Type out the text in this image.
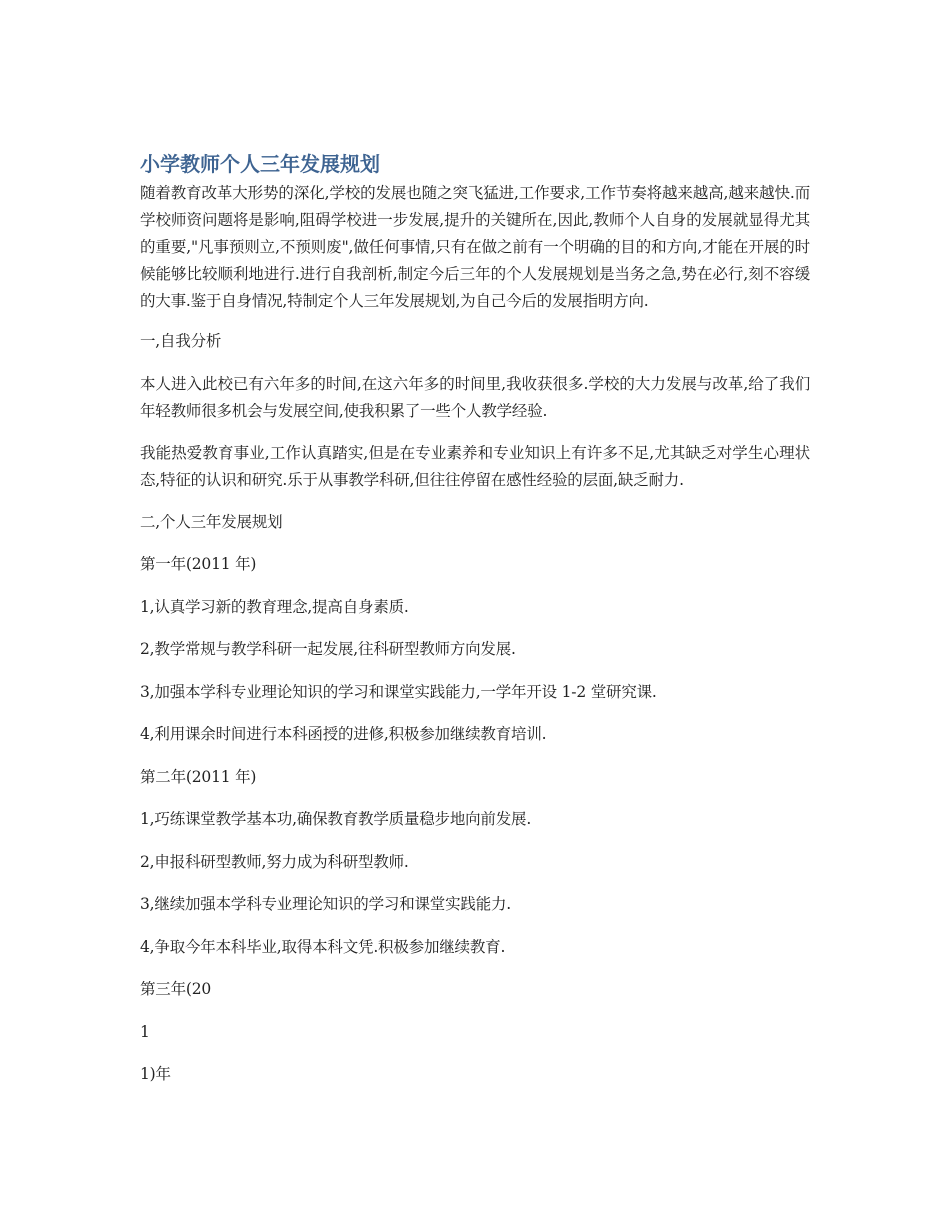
小学教师个人三年发展规划

随着教育改革大形势的深化,学校的发展也随之突飞猛进,工作要求,工作节奏将越来越高,越来越快.而学校师资问题将是影响,阻碍学校进一步发展,提升的关键所在,因此,教师个人自身的发展就显得尤其的重要,"凡事预则立,不预则废",做任何事情,只有在做之前有一个明确的目的和方向,才能在开展的时候能够比较顺利地进行.进行自我剖析,制定今后三年的个人发展规划是当务之急,势在必行,刻不容缓的大事.鉴于自身情况,特制定个人三年发展规划,为自己今后的发展指明方向.

一,自我分析

本人进入此校已有六年多的时间,在这六年多的时间里,我收获很多.学校的大力发展与改革,给了我们年轻教师很多机会与发展空间,使我积累了一些个人教学经验.

我能热爱教育事业,工作认真踏实,但是在专业素养和专业知识上有许多不足,尤其缺乏对学生心理状态,特征的认识和研究.乐于从事教学科研,但往往停留在感性经验的层面,缺乏耐力.

二,个人三年发展规划

第一年(2011 年)

1,认真学习新的教育理念,提高自身素质.

2,教学常规与教学科研一起发展,往科研型教师方向发展.

3,加强本学科专业理论知识的学习和课堂实践能力,一学年开设 1-2 堂研究课.

4,利用课余时间进行本科函授的进修,积极参加继续教育培训.

第二年(2011 年)

1,巧练课堂教学基本功,确保教育教学质量稳步地向前发展.

2,申报科研型教师,努力成为科研型教师.

3,继续加强本学科专业理论知识的学习和课堂实践能力.

4,争取今年本科毕业,取得本科文凭.积极参加继续教育.

第三年(20

1

1)年
